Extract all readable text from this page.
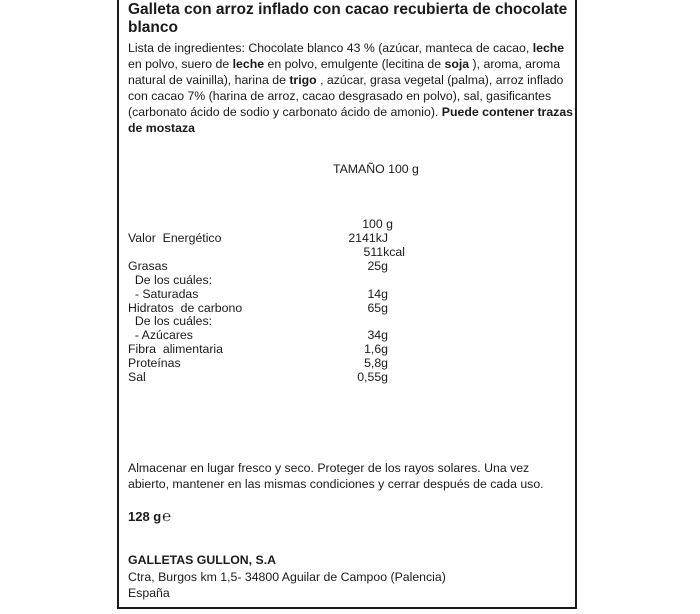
Galleta con arroz inflado con cacao recubierta de chocolate blanco
Lista de ingredientes: Chocolate blanco 43 % (azúcar, manteca de cacao, leche en polvo, suero de leche en polvo, emulgente (lecitina de soja ), aroma, aroma natural de vainilla), harina de trigo , azúcar, grasa vegetal (palma), arroz inflado con cacao 7% (harina de arroz, cacao desgrasado en polvo), sal, gasificantes (carbonato ácido de sodio y carbonato ácido de amonio). Puede contener trazas de mostaza
TAMAÑO 100 g
100 g
Valor  Energético	2141kJ
511kcal
Grasas	25g
De los cuáles:
- Saturadas	14g
Hidratos  de carbono	65g
De los cuáles:
- Azúcares	34g
Fibra  alimentaria	1,6g
Proteínas	5,8g
Sal	0,55g
Almacenar en lugar fresco y seco. Proteger de los rayos solares. Una vez abierto, mantener en las mismas condiciones y cerrar después de cada uso.
128 g℮
GALLETAS GULLON, S.A
Ctra, Burgos km 1,5- 34800 Aguilar de Campoo (Palencia)
España
